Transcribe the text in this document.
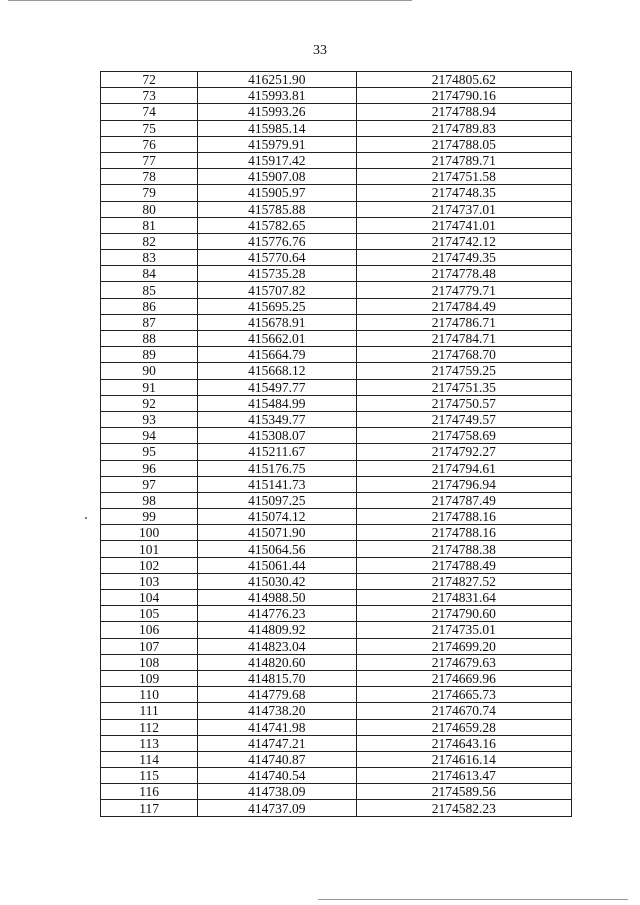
33
72	416251.90	2174805.62
73	415993.81	2174790.16
74	415993.26	2174788.94
75	415985.14	2174789.83
76	415979.91	2174788.05
77	415917.42	2174789.71
78	415907.08	2174751.58
79	415905.97	2174748.35
80	415785.88	2174737.01
81	415782.65	2174741.01
82	415776.76	2174742.12
83	415770.64	2174749.35
84	415735.28	2174778.48
85	415707.82	2174779.71
86	415695.25	2174784.49
87	415678.91	2174786.71
88	415662.01	2174784.71
89	415664.79	2174768.70
90	415668.12	2174759.25
91	415497.77	2174751.35
92	415484.99	2174750.57
93	415349.77	2174749.57
94	415308.07	2174758.69
95	415211.67	2174792.27
96	415176.75	2174794.61
97	415141.73	2174796.94
98	415097.25	2174787.49
99	415074.12	2174788.16
100	415071.90	2174788.16
101	415064.56	2174788.38
102	415061.44	2174788.49
103	415030.42	2174827.52
104	414988.50	2174831.64
105	414776.23	2174790.60
106	414809.92	2174735.01
107	414823.04	2174699.20
108	414820.60	2174679.63
109	414815.70	2174669.96
110	414779.68	2174665.73
111	414738.20	2174670.74
112	414741.98	2174659.28
113	414747.21	2174643.16
114	414740.87	2174616.14
115	414740.54	2174613.47
116	414738.09	2174589.56
117	414737.09	2174582.23
